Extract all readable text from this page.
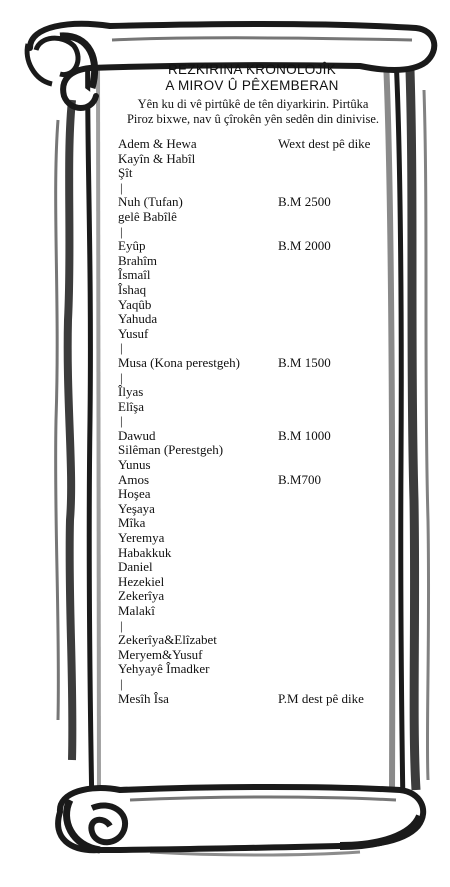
REZKIRINA KRONOLOJÎK
A MIROV Û PÊXEMBERAN
Yên ku di vê pirtûkê de tên diyarkirin. Pirtûka
Piroz bixwe, nav û çîrokên yên sedên din dinivise.
Adem & Hewa	Wext dest pê dike
Kayîn & Habîl
Şît
|
Nuh (Tufan)	B.M 2500
gelê Babîlê
|
Eyûp	B.M 2000
Brahîm
Îsmaîl
Îshaq
Yaqûb
Yahuda
Yusuf
|
Musa (Kona perestgeh)	B.M 1500
|
Îlyas
Elîşa
|
Dawud	B.M 1000
Silêman (Perestgeh)
Yunus
Amos	B.M700
Hoşea
Yeşaya
Mîka
Yeremya
Habakkuk
Daniel
Hezekiel
Zekerîya
Malakî
|
Zekerîya&Elîzabet
Meryem&Yusuf
Yehyayê Îmadker
|
Mesîh Îsa	P.M dest pê dike
